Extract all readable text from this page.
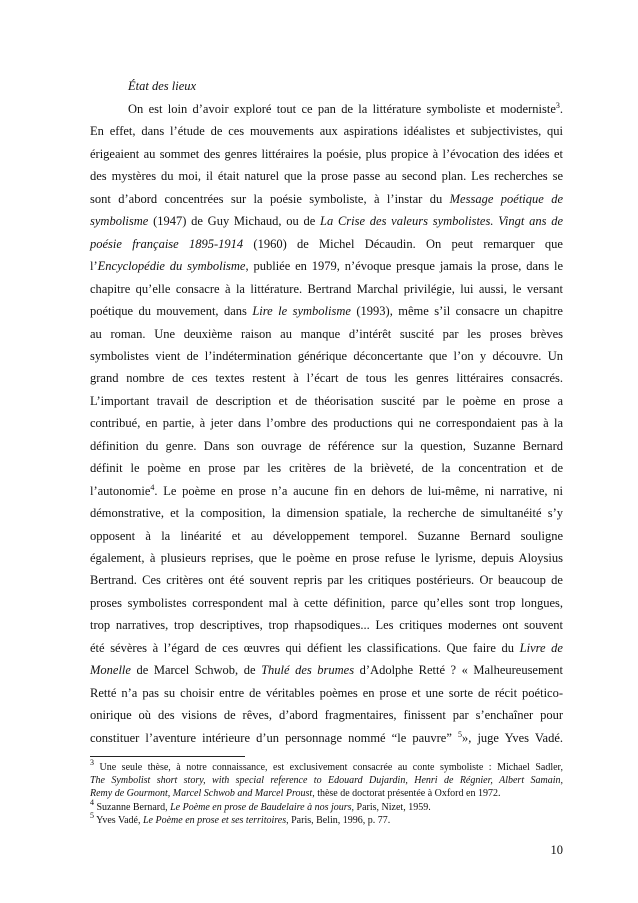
État des lieux
On est loin d’avoir exploré tout ce pan de la littérature symboliste et moderniste$^3$.
En effet, dans l’étude de ces mouvements aux aspirations idéalistes et subjectivistes, qui
érigeaient au sommet des genres littéraires la poésie, plus propice à l’évocation des idées et
des mystères du moi, il était naturel que la prose passe au second plan. Les recherches se
sont d’abord concentrées sur la poésie symboliste, à l’instar du Message poétique de
symbolisme (1947) de Guy Michaud, ou de La Crise des valeurs symbolistes. Vingt ans de
poésie française 1895-1914 (1960) de Michel Décaudin. On peut remarquer que
l’Encyclopédie du symbolisme, publiée en 1979, n’évoque presque jamais la prose, dans le
chapitre qu’elle consacre à la littérature. Bertrand Marchal privilégie, lui aussi, le versant
poétique du mouvement, dans Lire le symbolisme (1993), même s’il consacre un chapitre
au roman. Une deuxième raison au manque d’intérêt suscité par les proses brèves
symbolistes vient de l’indétermination générique déconcertante que l’on y découvre. Un
grand nombre de ces textes restent à l’écart de tous les genres littéraires consacrés.
L’important travail de description et de théorisation suscité par le poème en prose a
contribué, en partie, à jeter dans l’ombre des productions qui ne correspondaient pas à la
définition du genre. Dans son ouvrage de référence sur la question, Suzanne Bernard
définit le poème en prose par les critères de la brièveté, de la concentration et de
l’autonomie$^4$. Le poème en prose n’a aucune fin en dehors de lui-même, ni narrative, ni
démonstrative, et la composition, la dimension spatiale, la recherche de simultanéité s’y
opposent à la linéarité et au développement temporel. Suzanne Bernard souligne
également, à plusieurs reprises, que le poème en prose refuse le lyrisme, depuis Aloysius
Bertrand. Ces critères ont été souvent repris par les critiques postérieurs. Or beaucoup de
proses symbolistes correspondent mal à cette définition, parce qu’elles sont trop longues,
trop narratives, trop descriptives, trop rhapsodiques... Les critiques modernes ont souvent
été sévères à l’égard de ces œuvres qui défient les classifications. Que faire du Livre de
Monelle de Marcel Schwob, de Thulé des brumes d’Adolphe Retté ? « Malheureusement
Retté n’a pas su choisir entre de véritables poèmes en prose et une sorte de récit poético-
onirique où des visions de rêves, d’abord fragmentaires, finissent par s’enchaîner pour
constituer l’aventure intérieure d’un personnage nommé “le pauvre” $^5$», juge Yves Vadé.
$^3$ Une seule thèse, à notre connaissance, est exclusivement consacrée au conte symboliste : Michael Sadler,
The Symbolist short story, with special reference to Edouard Dujardin, Henri de Régnier, Albert Samain,
Remy de Gourmont, Marcel Schwob and Marcel Proust, thèse de doctorat présentée à Oxford en 1972.
$^4$ Suzanne Bernard, Le Poème en prose de Baudelaire à nos jours, Paris, Nizet, 1959.
$^5$ Yves Vadé, Le Poème en prose et ses territoires, Paris, Belin, 1996, p. 77.
10
